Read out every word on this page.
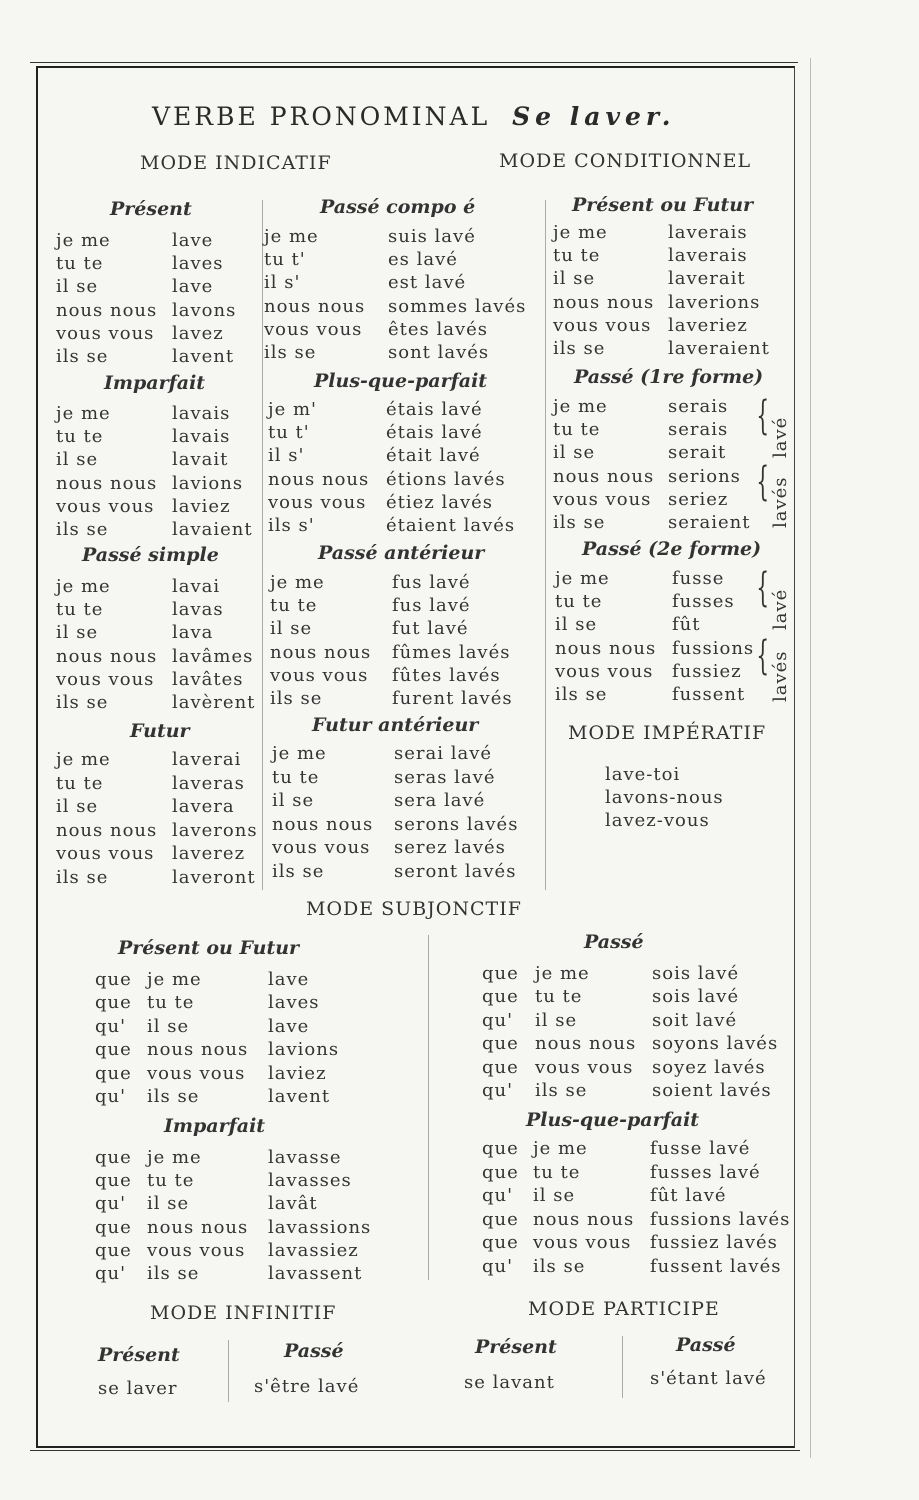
VERBE PRONOMINAL Se laver.
MODE INDICATIF	MODE CONDITIONNEL
MODE IMPÉRATIF
MODE SUBJONCTIF
MODE INFINITIF	MODE PARTICIPE
Présent
je me	lave
tu te	laves
il se	lave
nous nous lavons
vous vous lavez
ils se	lavent
Passé compo é
je me	suis lavé
tu t'	es lavé
il s'	est lavé
nous nous sommes lavés
vous vous êtes lavés
ils se	sont lavés
Présent ou Futur
je me	laverais
tu te	laverais
il se	laverait
nous nous laverions
vous vous laveriez
ils se	laveraient
Imparfait
je me	lavais
tu te	lavais
il se	lavait
nous nous lavions
vous vous laviez
ils se	lavaient
Plus-que-parfait
je m'	étais lavé
tu t'	étais lavé
il s'	était lavé
nous nous étions lavés
vous vous étiez lavés
ils s'	étaient lavés
Passé (1re forme)
je me	serais
tu te	serais
il se	serait
nous nous serions
vous vous seriez
ils se	seraient
Passé simple
je me	lavai
tu te	lavas
il se	lava
nous nous lavâmes
vous vous lavâtes
ils se	lavèrent
Passé antérieur
je me	fus lavé
tu te	fus lavé
il se	fut lavé
nous nous fûmes lavés
vous vous fûtes lavés
ils se	furent lavés
Passé (2e forme)
je me	fusse
tu te	fusses
il se	fût
nous nous fussions
vous vous fussiez
ils se	fussent
Futur
je me	laverai
tu te	laveras
il se	lavera
nous nous laverons
vous vous laverez
ils se	laveront
Futur antérieur
je me	serai lavé
tu te	seras lavé
il se	sera lavé
nous nous serons lavés
vous vous serez lavés
ils se	seront lavés
Présent ou Futur
que je me	lave
que tu te	laves
qu' il se	lave
que nous nous lavions
que vous vous laviez
qu' ils se	lavent
Passé
que je me	sois lavé
que tu te	sois lavé
qu' il se	soit lavé
que nous nous soyons lavés
que vous vous soyez lavés
qu' ils se	soient lavés
Imparfait
que je me	lavasse
que tu te	lavasses
qu' il se	lavât
que nous nous lavassions
que vous vous lavassiez
qu' ils se	lavassent
Plus-que-parfait
que je me	fusse lavé
que tu te	fusses lavé
qu' il se	fût lavé
que nous nous fussions lavés
que vous vous fussiez lavés
qu' ils se	fussent lavés
lave-toi
lavons-nous
lavez-vous
Présent
se laver
Passé
s'être lavé
Présent
se lavant
Passé
s'étant lavé
{ lavé
{ lavés
{ lavé
{ lavés
